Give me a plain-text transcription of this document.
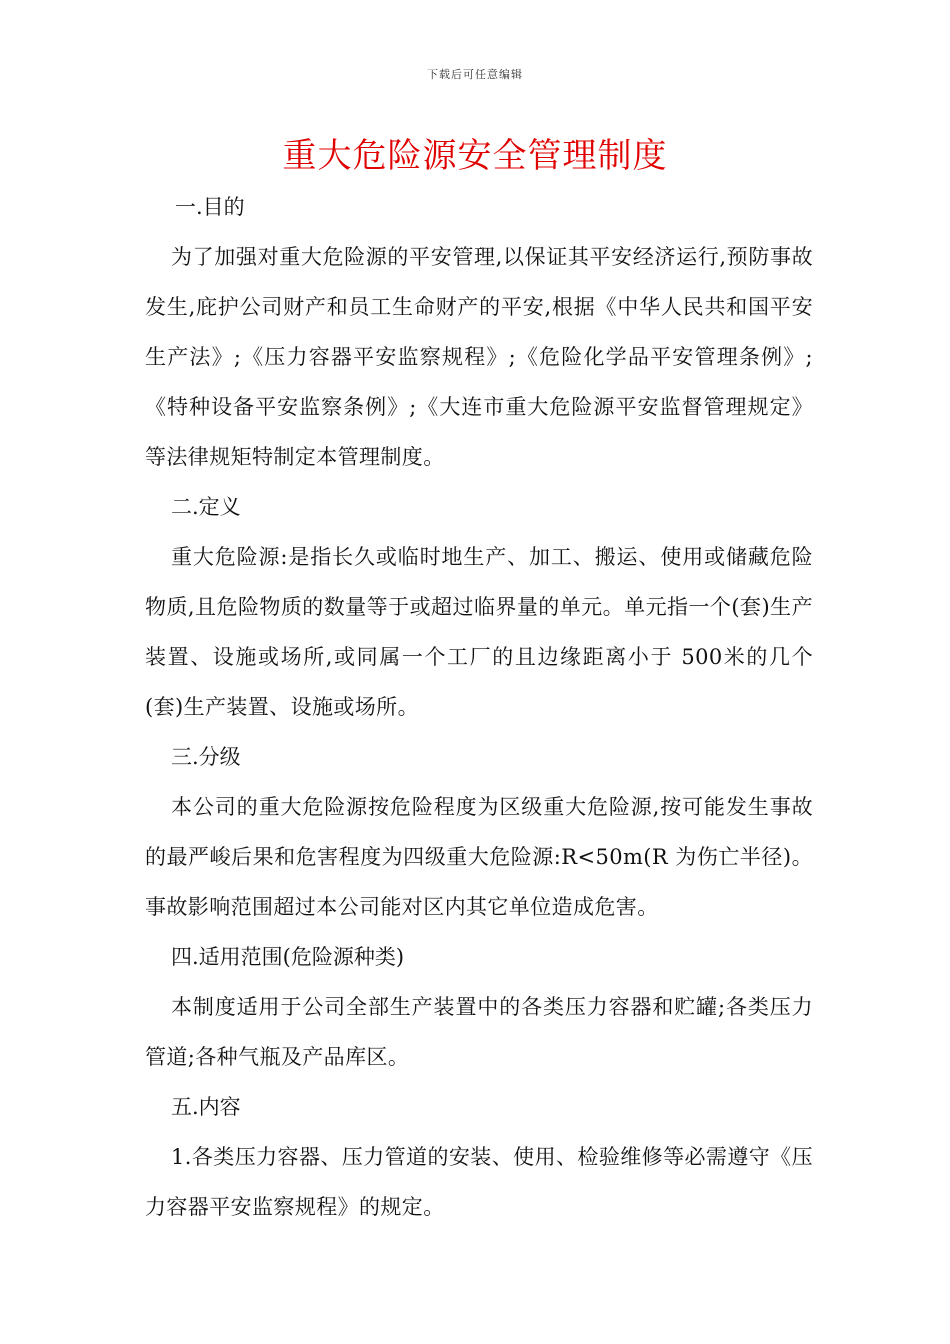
下载后可任意编辑
重大危险源安全管理制度

一.目的

为了加强对重大危险源的平安管理,以保证其平安经济运行,预防事故发生,庇护公司财产和员工生命财产的平安,根据《中华人民共和国平安生产法》;《压力容器平安监察规程》;《危险化学品平安管理条例》;《特种设备平安监察条例》;《大连市重大危险源平安监督管理规定》等法律规矩特制定本管理制度。

二.定义

重大危险源:是指长久或临时地生产、加工、搬运、使用或储藏危险物质,且危险物质的数量等于或超过临界量的单元。单元指一个(套)生产装置、设施或场所,或同属一个工厂的且边缘距离小于 500米的几个(套)生产装置、设施或场所。

三.分级

本公司的重大危险源按危险程度为区级重大危险源,按可能发生事故的最严峻后果和危害程度为四级重大危险源:R<50m(R 为伤亡半径)。事故影响范围超过本公司能对区内其它单位造成危害。

四.适用范围(危险源种类)

本制度适用于公司全部生产装置中的各类压力容器和贮罐;各类压力管道;各种气瓶及产品库区。

五.内容

1.各类压力容器、压力管道的安装、使用、检验维修等必需遵守《压力容器平安监察规程》的规定。
